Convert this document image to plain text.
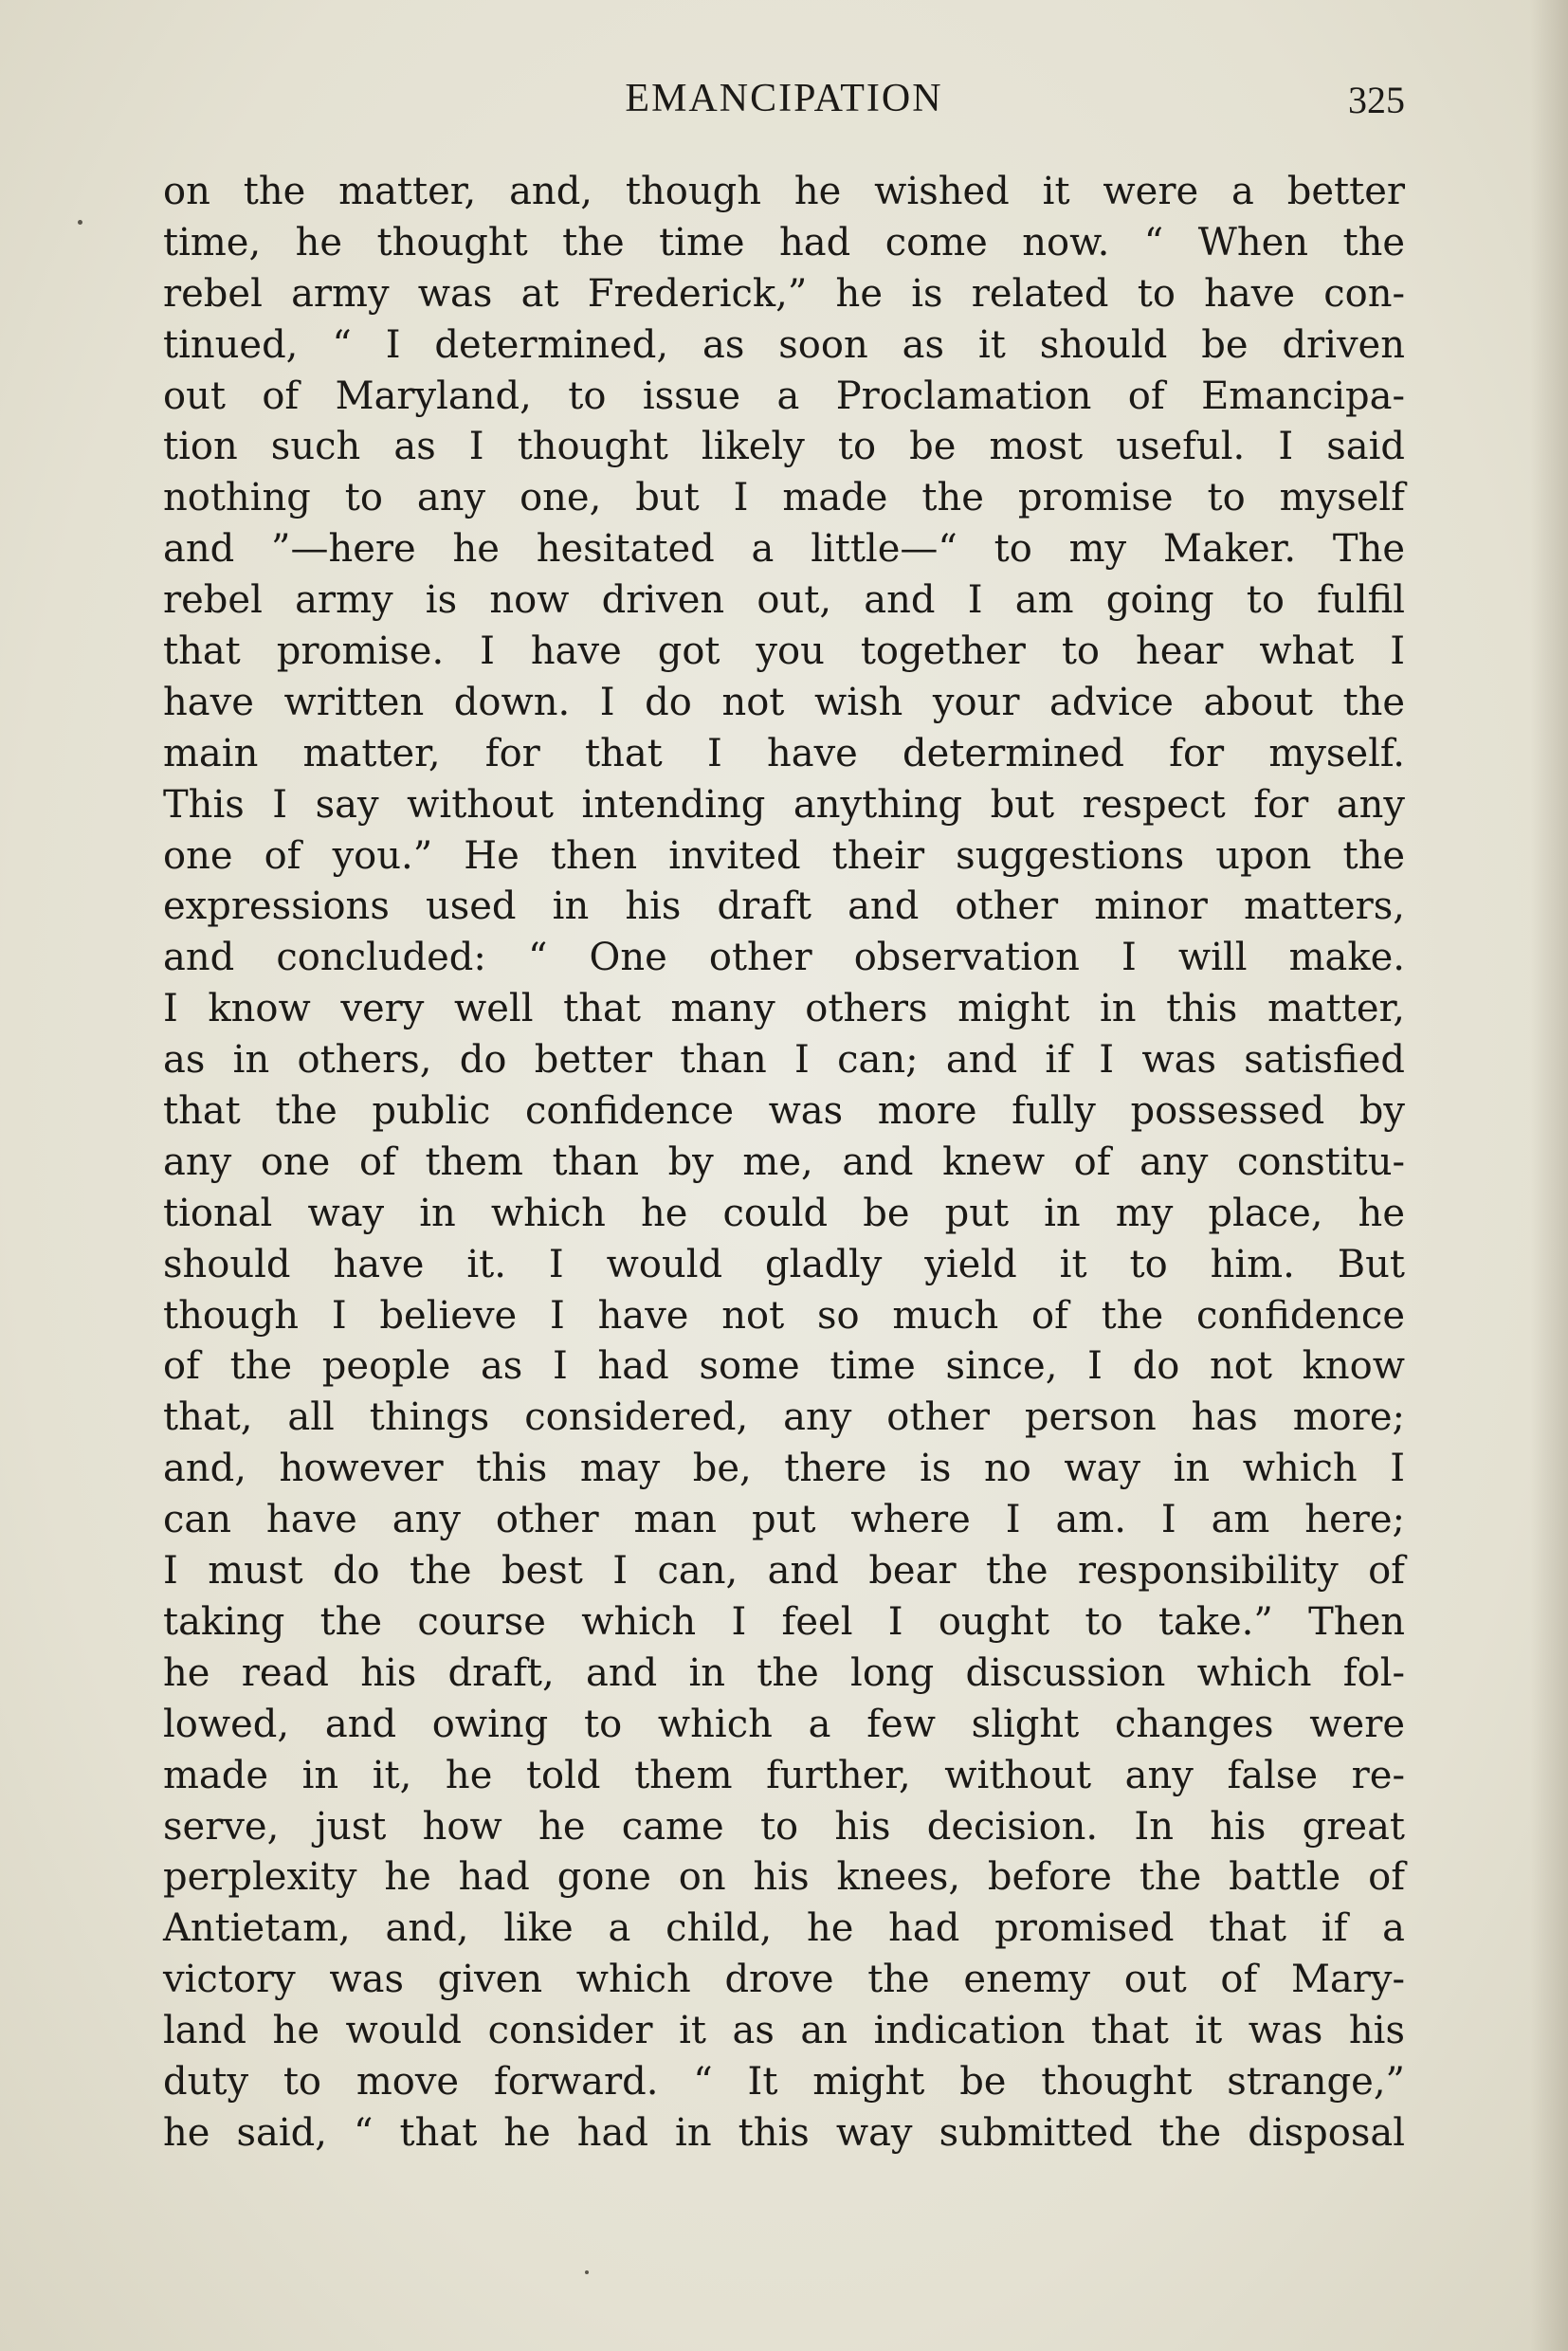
EMANCIPATION	325
on the matter, and, though he wished it were a better
time, he thought the time had come now. “ When the
rebel army was at Frederick,” he is related to have con-
tinued, “ I determined, as soon as it should be driven
out of Maryland, to issue a Proclamation of Emancipa-
tion such as I thought likely to be most useful. I said
nothing to any one, but I made the promise to myself
and ”—here he hesitated a little—“ to my Maker. The
rebel army is now driven out, and I am going to fulfil
that promise. I have got you together to hear what I
have written down. I do not wish your advice about the
main matter, for that I have determined for myself.
This I say without intending anything but respect for any
one of you.” He then invited their suggestions upon the
expressions used in his draft and other minor matters,
and concluded: “ One other observation I will make.
I know very well that many others might in this matter,
as in others, do better than I can; and if I was satisfied
that the public confidence was more fully possessed by
any one of them than by me, and knew of any constitu-
tional way in which he could be put in my place, he
should have it. I would gladly yield it to him. But
though I believe I have not so much of the confidence
of the people as I had some time since, I do not know
that, all things considered, any other person has more;
and, however this may be, there is no way in which I
can have any other man put where I am. I am here;
I must do the best I can, and bear the responsibility of
taking the course which I feel I ought to take.” Then
he read his draft, and in the long discussion which fol-
lowed, and owing to which a few slight changes were
made in it, he told them further, without any false re-
serve, just how he came to his decision. In his great
perplexity he had gone on his knees, before the battle of
Antietam, and, like a child, he had promised that if a
victory was given which drove the enemy out of Mary-
land he would consider it as an indication that it was his
duty to move forward. “ It might be thought strange,”
he said, “ that he had in this way submitted the disposal
